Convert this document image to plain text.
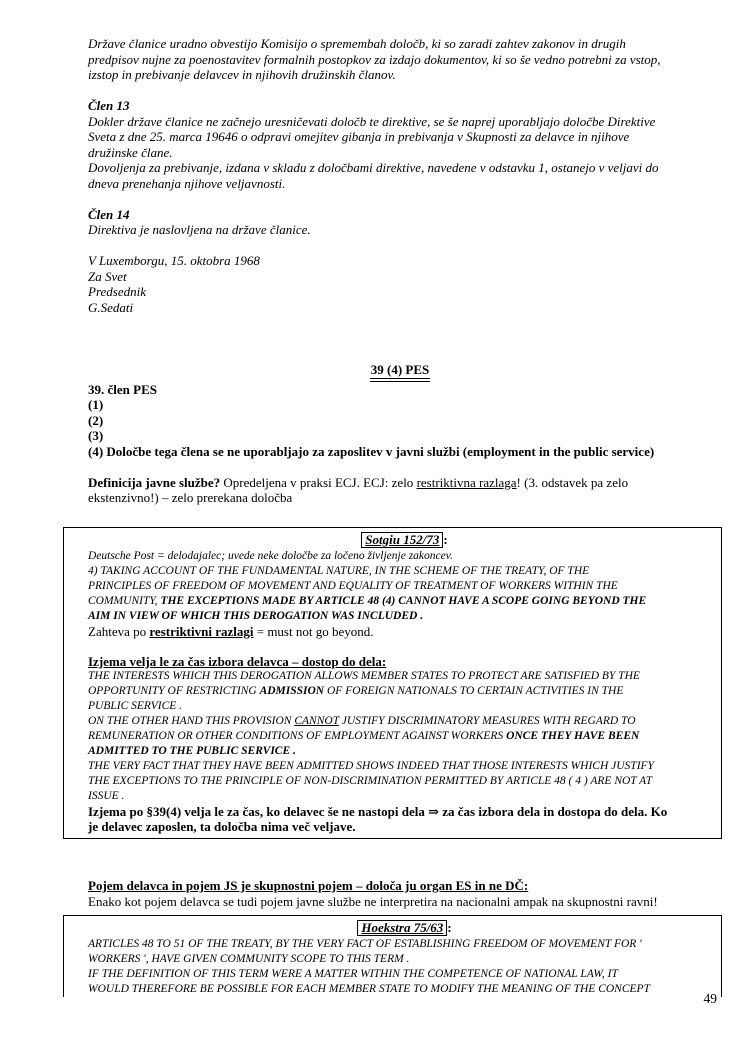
Države članice uradno obvestijo Komisijo o spremembah določb, ki so zaradi zahtev zakonov in drugih
predpisov nujne za poenostavitev formalnih postopkov za izdajo dokumentov, ki so še vedno potrebni za vstop,
izstop in prebivanje delavcev in njihovih družinskih članov.

Člen 13
Dokler države članice ne začnejo uresničevati določb te direktive, se še naprej uporabljajo določbe Direktive
Sveta z dne 25. marca 19646 o odpravi omejitev gibanja in prebivanja v Skupnosti za delavce in njihove
družinske člane.
Dovoljenja za prebivanje, izdana v skladu z določbami direktive, navedene v odstavku 1, ostanejo v veljavi do
dneva prenehanja njihove veljavnosti.

Člen 14
Direktiva je naslovljena na države članice.

V Luxemborgu, 15. oktobra 1968
Za Svet
Predsednik
G.Sedati

39 (4) PES
39. člen PES
(1)
(2)
(3)
(4) Določbe tega člena se ne uporabljajo za zaposlitev v javni službi (employment in the public service)

Definicija javne službe? Opredeljena v praksi ECJ. ECJ: zelo restriktivna razlaga! (3. odstavek pa zelo
ekstenzivno!) – zelo prerekana določba

Sotgiu 152/73 :
Deutsche Post = delodajalec; uvede neke določbe za ločeno življenje zakoncev.
4) TAKING ACCOUNT OF THE FUNDAMENTAL NATURE, IN THE SCHEME OF THE TREATY, OF THE
PRINCIPLES OF FREEDOM OF MOVEMENT AND EQUALITY OF TREATMENT OF WORKERS WITHIN THE
COMMUNITY, THE EXCEPTIONS MADE BY ARTICLE 48 (4) CANNOT HAVE A SCOPE GOING BEYOND THE
AIM IN VIEW OF WHICH THIS DEROGATION WAS INCLUDED .
Zahteva po restriktivni razlagi = must not go beyond.

Izjema velja le za čas izbora delavca – dostop do dela:
THE INTERESTS WHICH THIS DEROGATION ALLOWS MEMBER STATES TO PROTECT ARE SATISFIED BY THE
OPPORTUNITY OF RESTRICTING ADMISSION OF FOREIGN NATIONALS TO CERTAIN ACTIVITIES IN THE
PUBLIC SERVICE .
ON THE OTHER HAND THIS PROVISION CANNOT JUSTIFY DISCRIMINATORY MEASURES WITH REGARD TO
REMUNERATION OR OTHER CONDITIONS OF EMPLOYMENT AGAINST WORKERS ONCE THEY HAVE BEEN
ADMITTED TO THE PUBLIC SERVICE .
THE VERY FACT THAT THEY HAVE BEEN ADMITTED SHOWS INDEED THAT THOSE INTERESTS WHICH JUSTIFY
THE EXCEPTIONS TO THE PRINCIPLE OF NON-DISCRIMINATION PERMITTED BY ARTICLE 48 ( 4 ) ARE NOT AT
ISSUE .
Izjema po §39(4) velja le za čas, ko delavec še ne nastopi dela ⇒ za čas izbora dela in dostopa do dela. Ko
je delavec zaposlen, ta določba nima več veljave.

Pojem delavca in pojem JS je skupnostni pojem – določa ju organ ES in ne DČ:
Enako kot pojem delavca se tudi pojem javne službe ne interpretira na nacionalni ampak na skupnostni ravni!
Hoekstra 75/63 :
ARTICLES 48 TO 51 OF THE TREATY, BY THE VERY FACT OF ESTABLISHING FREEDOM OF MOVEMENT FOR '
WORKERS ', HAVE GIVEN COMMUNITY SCOPE TO THIS TERM .
IF THE DEFINITION OF THIS TERM WERE A MATTER WITHIN THE COMPETENCE OF NATIONAL LAW, IT
WOULD THEREFORE BE POSSIBLE FOR EACH MEMBER STATE TO MODIFY THE MEANING OF THE CONCEPT
49
